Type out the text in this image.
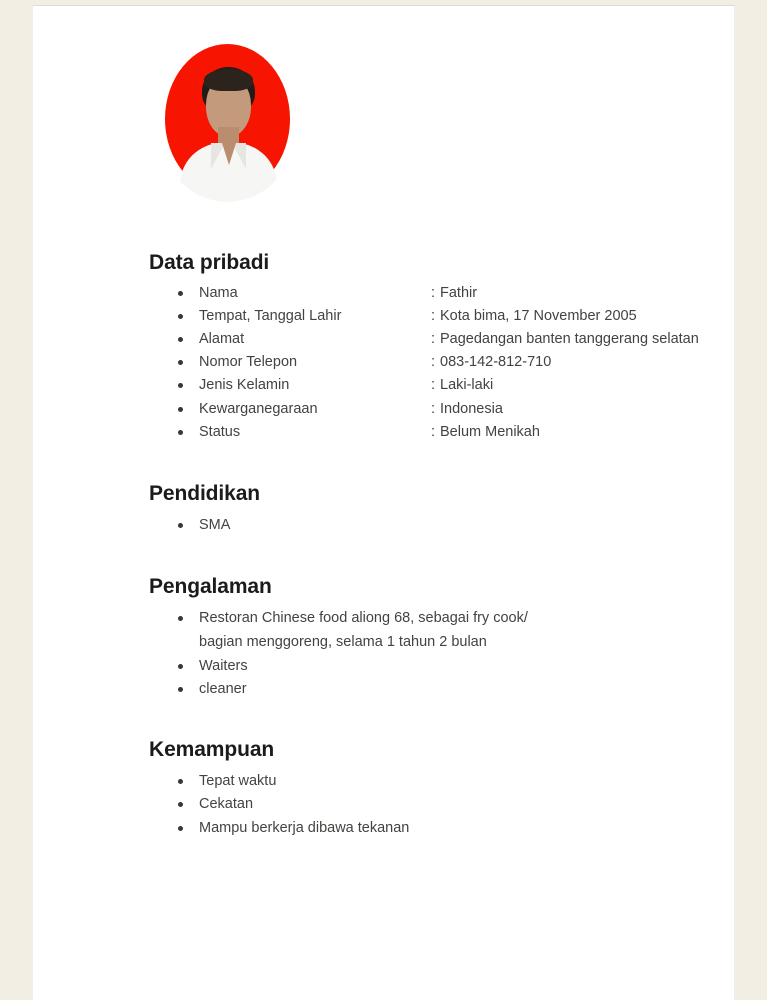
Data pribadi
Nama	: Fathir
Tempat, Tanggal Lahir	: Kota bima, 17 November 2005
Alamat	: Pagedangan banten tanggerang selatan
Nomor Telepon	: 083-142-812-710
Jenis Kelamin	: Laki-laki
Kewarganegaraan	: Indonesia
Status	: Belum Menikah
Pendidikan
SMA
Pengalaman
Restoran Chinese food aliong 68, sebagai fry cook/ bagian menggoreng, selama 1 tahun 2 bulan
Waiters
cleaner
Kemampuan
Tepat waktu
Cekatan
Mampu berkerja dibawa tekanan
